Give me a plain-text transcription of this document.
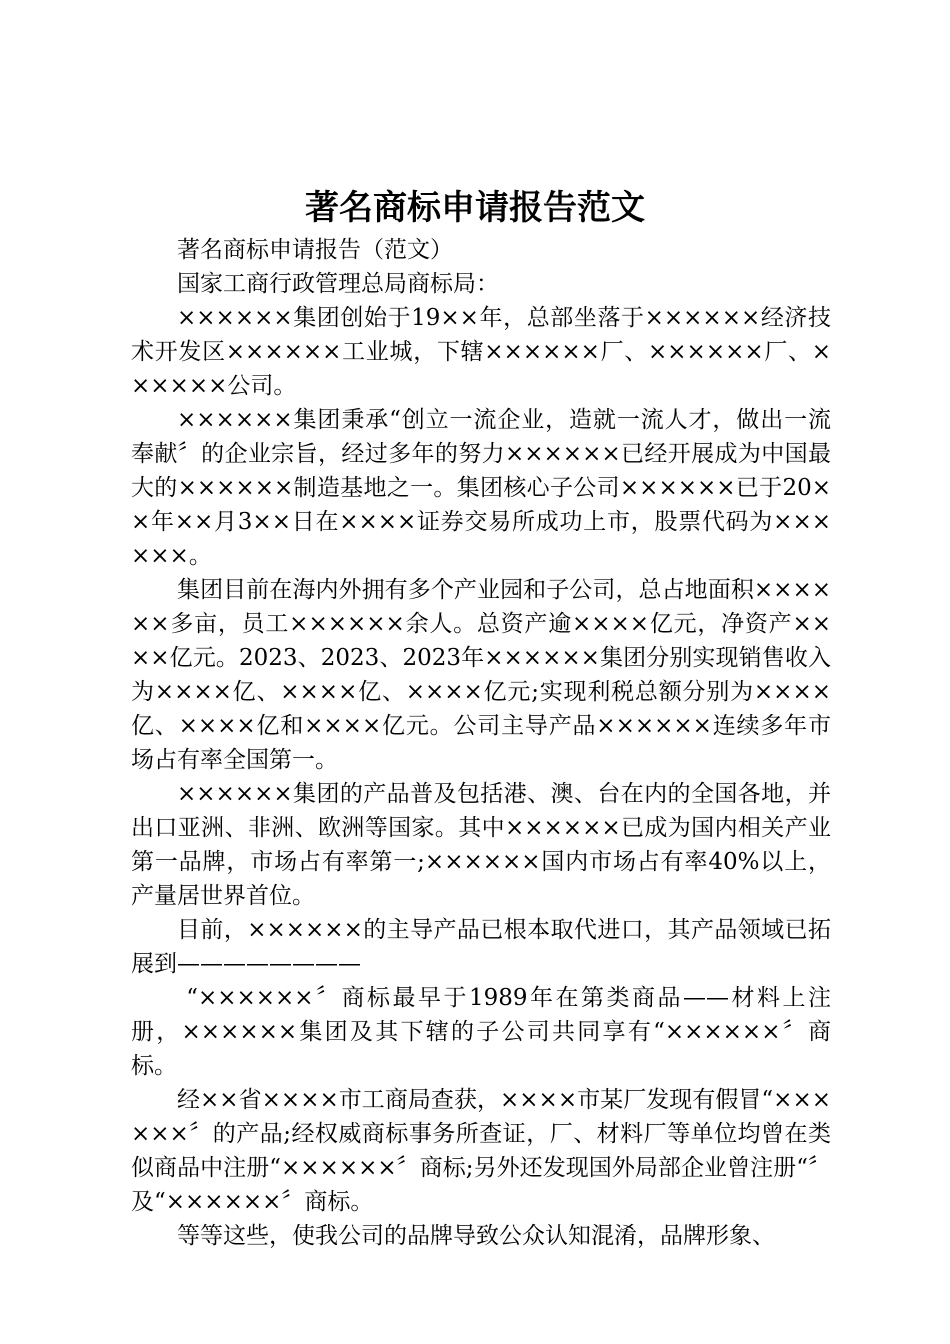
著名商标申请报告范文

著名商标申请报告（范文）

国家工商行政管理总局商标局：

××××××集团创始于19××年，总部坐落于××××××经济技术开发区××××××工业城，下辖××××××厂、××××××厂、××××××公司。

××××××集团秉承“创立一流企业，造就一流人才，做出一流奉献〞的企业宗旨，经过多年的努力××××××已经开展成为中国最大的××××××制造基地之一。集团核心子公司××××××已于20××年××月3××日在××××证券交易所成功上市，股票代码为××××××。

集团目前在海内外拥有多个产业园和子公司，总占地面积××××××多亩，员工××××××余人。总资产逾××××亿元，净资产××××亿元。2023、2023、2023年××××××集团分别实现销售收入为××××亿、××××亿、××××亿元;实现利税总额分别为××××亿、××××亿和××××亿元。公司主导产品××××××连续多年市场占有率全国第一。

××××××集团的产品普及包括港、澳、台在内的全国各地，并出口亚洲、非洲、欧洲等国家。其中××××××已成为国内相关产业第一品牌，市场占有率第一;××××××国内市场占有率40%以上，产量居世界首位。

目前，××××××的主导产品已根本取代进口，其产品领域已拓展到————————

“××××××〞商标最早于1989年在第类商品——材料上注册，××××××集团及其下辖的子公司共同享有“××××××〞商标。

经××省××××市工商局查获，××××市某厂发现有假冒“××××××〞的产品;经权威商标事务所查证，厂、材料厂等单位均曾在类似商品中注册“××××××〞商标;另外还发现国外局部企业曾注册“〞及“××××××〞商标。

等等这些，使我公司的品牌导致公众认知混淆，品牌形象、
